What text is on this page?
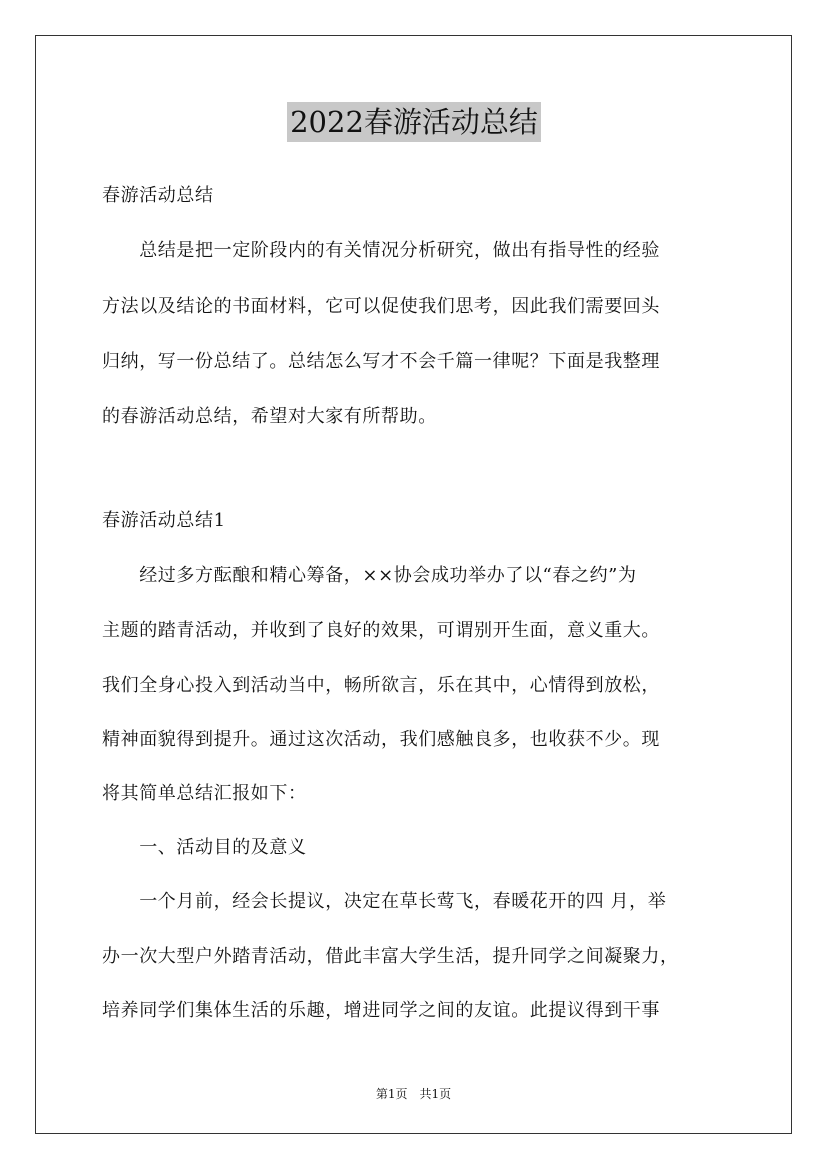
2022春游活动总结
春游活动总结
　　总结是把一定阶段内的有关情况分析研究，做出有指导性的经验
方法以及结论的书面材料，它可以促使我们思考，因此我们需要回头
归纳，写一份总结了。总结怎么写才不会千篇一律呢？下面是我整理
的春游活动总结，希望对大家有所帮助。
春游活动总结1
　　经过多方酝酿和精心筹备，××协会成功举办了以“春之约”为
主题的踏青活动，并收到了良好的效果，可谓别开生面，意义重大。
我们全身心投入到活动当中，畅所欲言，乐在其中，心情得到放松，
精神面貌得到提升。通过这次活动，我们感触良多，也收获不少。现
将其简单总结汇报如下：
　　一、活动目的及意义
　　一个月前，经会长提议，决定在草长莺飞，春暖花开的四 月，举
办一次大型户外踏青活动，借此丰富大学生活，提升同学之间凝聚力，
培养同学们集体生活的乐趣，增进同学之间的友谊。此提议得到干事
第1页　共1页
